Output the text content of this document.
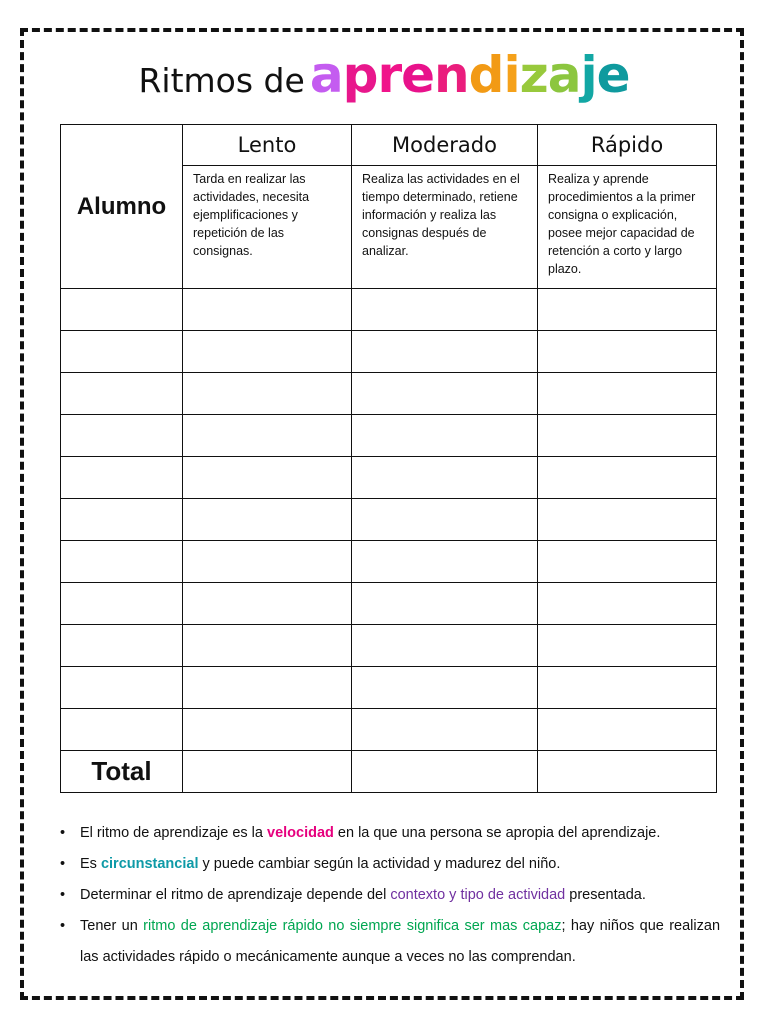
Ritmos de aprendizaje
Alumno	Lento	Moderado	Rápido
	Tarda en realizar las actividades, necesita ejemplificaciones y repetición de las consignas.	Realiza las actividades en el tiempo determinado, retiene información y realiza las consignas después de analizar.	Realiza y aprende procedimientos a la primer consigna o explicación, posee mejor capacidad de retención a corto y largo plazo.

Total			
• El ritmo de aprendizaje es la velocidad en la que una persona se apropia del aprendizaje.
• Es circunstancial y puede cambiar según la actividad y madurez del niño.
• Determinar el ritmo de aprendizaje depende del contexto y tipo de actividad presentada.
• Tener un ritmo de aprendizaje rápido no siempre significa ser mas capaz; hay niños que realizan las actividades rápido o mecánicamente aunque a veces no las comprendan.
